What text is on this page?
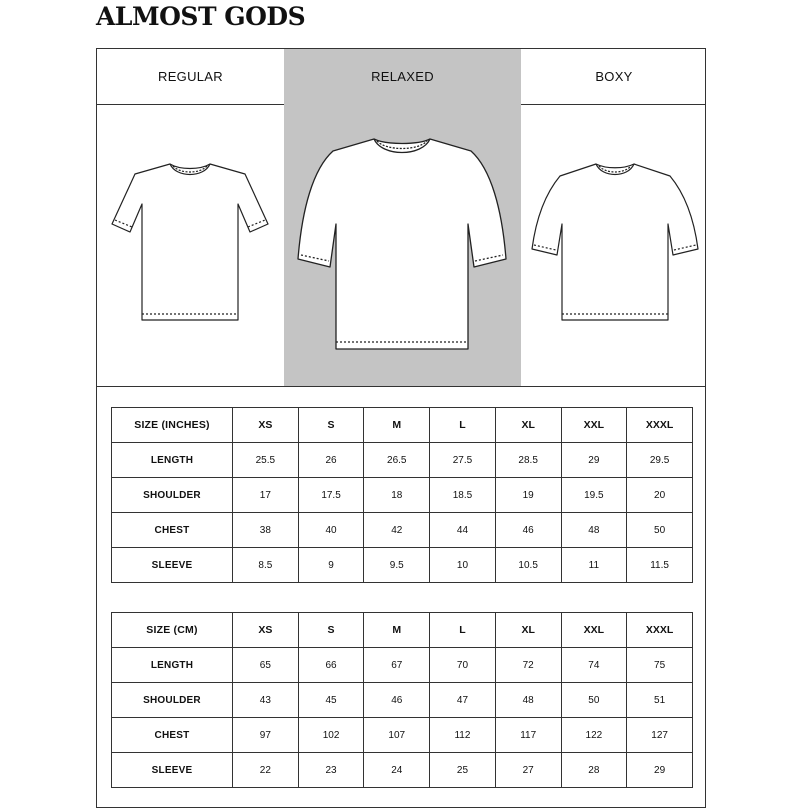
ALMOST GODS
REGULAR	RELAXED	BOXY
SIZE (INCHES)	XS	S	M	L	XL	XXL	XXXL
LENGTH	25.5	26	26.5	27.5	28.5	29	29.5
SHOULDER	17	17.5	18	18.5	19	19.5	20
CHEST	38	40	42	44	46	48	50
SLEEVE	8.5	9	9.5	10	10.5	11	11.5
SIZE (CM)	XS	S	M	L	XL	XXL	XXXL
LENGTH	65	66	67	70	72	74	75
SHOULDER	43	45	46	47	48	50	51
CHEST	97	102	107	112	117	122	127
SLEEVE	22	23	24	25	27	28	29
